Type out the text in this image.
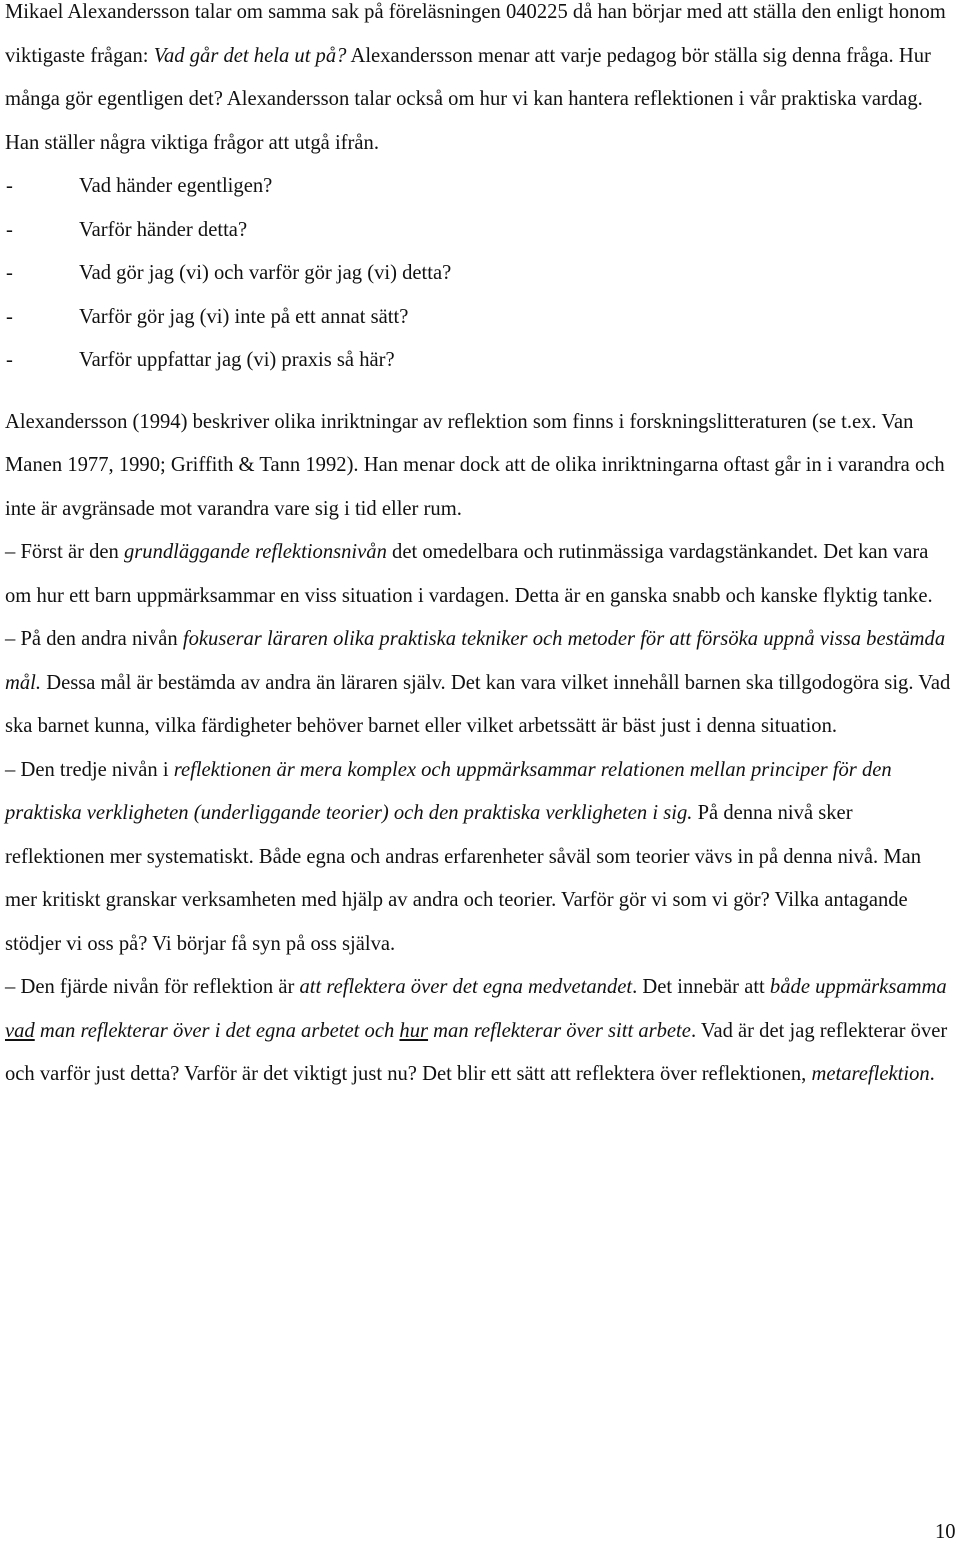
Mikael Alexandersson talar om samma sak på föreläsningen 040225 då han börjar med att ställa den enligt honom viktigaste frågan: Vad går det hela ut på? Alexandersson menar att varje pedagog bör ställa sig denna fråga. Hur många gör egentligen det? Alexandersson talar också om hur vi kan hantera reflektionen i vår praktiska vardag. Han ställer några viktiga frågor att utgå ifrån.

-	Vad händer egentligen?
-	Varför händer detta?
-	Vad gör jag (vi) och varför gör jag (vi) detta?
-	Varför gör jag (vi) inte på ett annat sätt?
-	Varför uppfattar jag (vi) praxis så här?

Alexandersson (1994) beskriver olika inriktningar av reflektion som finns i forskningslitteraturen (se t.ex. Van Manen 1977, 1990; Griffith & Tann 1992). Han menar dock att de olika inriktningarna oftast går in i varandra och inte är avgränsade mot varandra vare sig i tid eller rum.

– Först är den grundläggande reflektionsnivån det omedelbara och rutinmässiga vardagstänkandet. Det kan vara om hur ett barn uppmärksammar en viss situation i vardagen. Detta är en ganska snabb och kanske flyktig tanke.

– På den andra nivån fokuserar läraren olika praktiska tekniker och metoder för att försöka uppnå vissa bestämda mål. Dessa mål är bestämda av andra än läraren själv. Det kan vara vilket innehåll barnen ska tillgodogöra sig. Vad ska barnet kunna, vilka färdigheter behöver barnet eller vilket arbetssätt är bäst just i denna situation.

– Den tredje nivån i reflektionen är mera komplex och uppmärksammar relationen mellan principer för den praktiska verkligheten (underliggande teorier) och den praktiska verkligheten i sig. På denna nivå sker reflektionen mer systematiskt. Både egna och andras erfarenheter såväl som teorier vävs in på denna nivå. Man mer kritiskt granskar verksamheten med hjälp av andra och teorier. Varför gör vi som vi gör? Vilka antagande stödjer vi oss på? Vi börjar få syn på oss själva.

– Den fjärde nivån för reflektion är att reflektera över det egna medvetandet. Det innebär att både uppmärksamma vad man reflekterar över i det egna arbetet och hur man reflekterar över sitt arbete. Vad är det jag reflekterar över och varför just detta? Varför är det viktigt just nu? Det blir ett sätt att reflektera över reflektionen, metareflektion.

10
